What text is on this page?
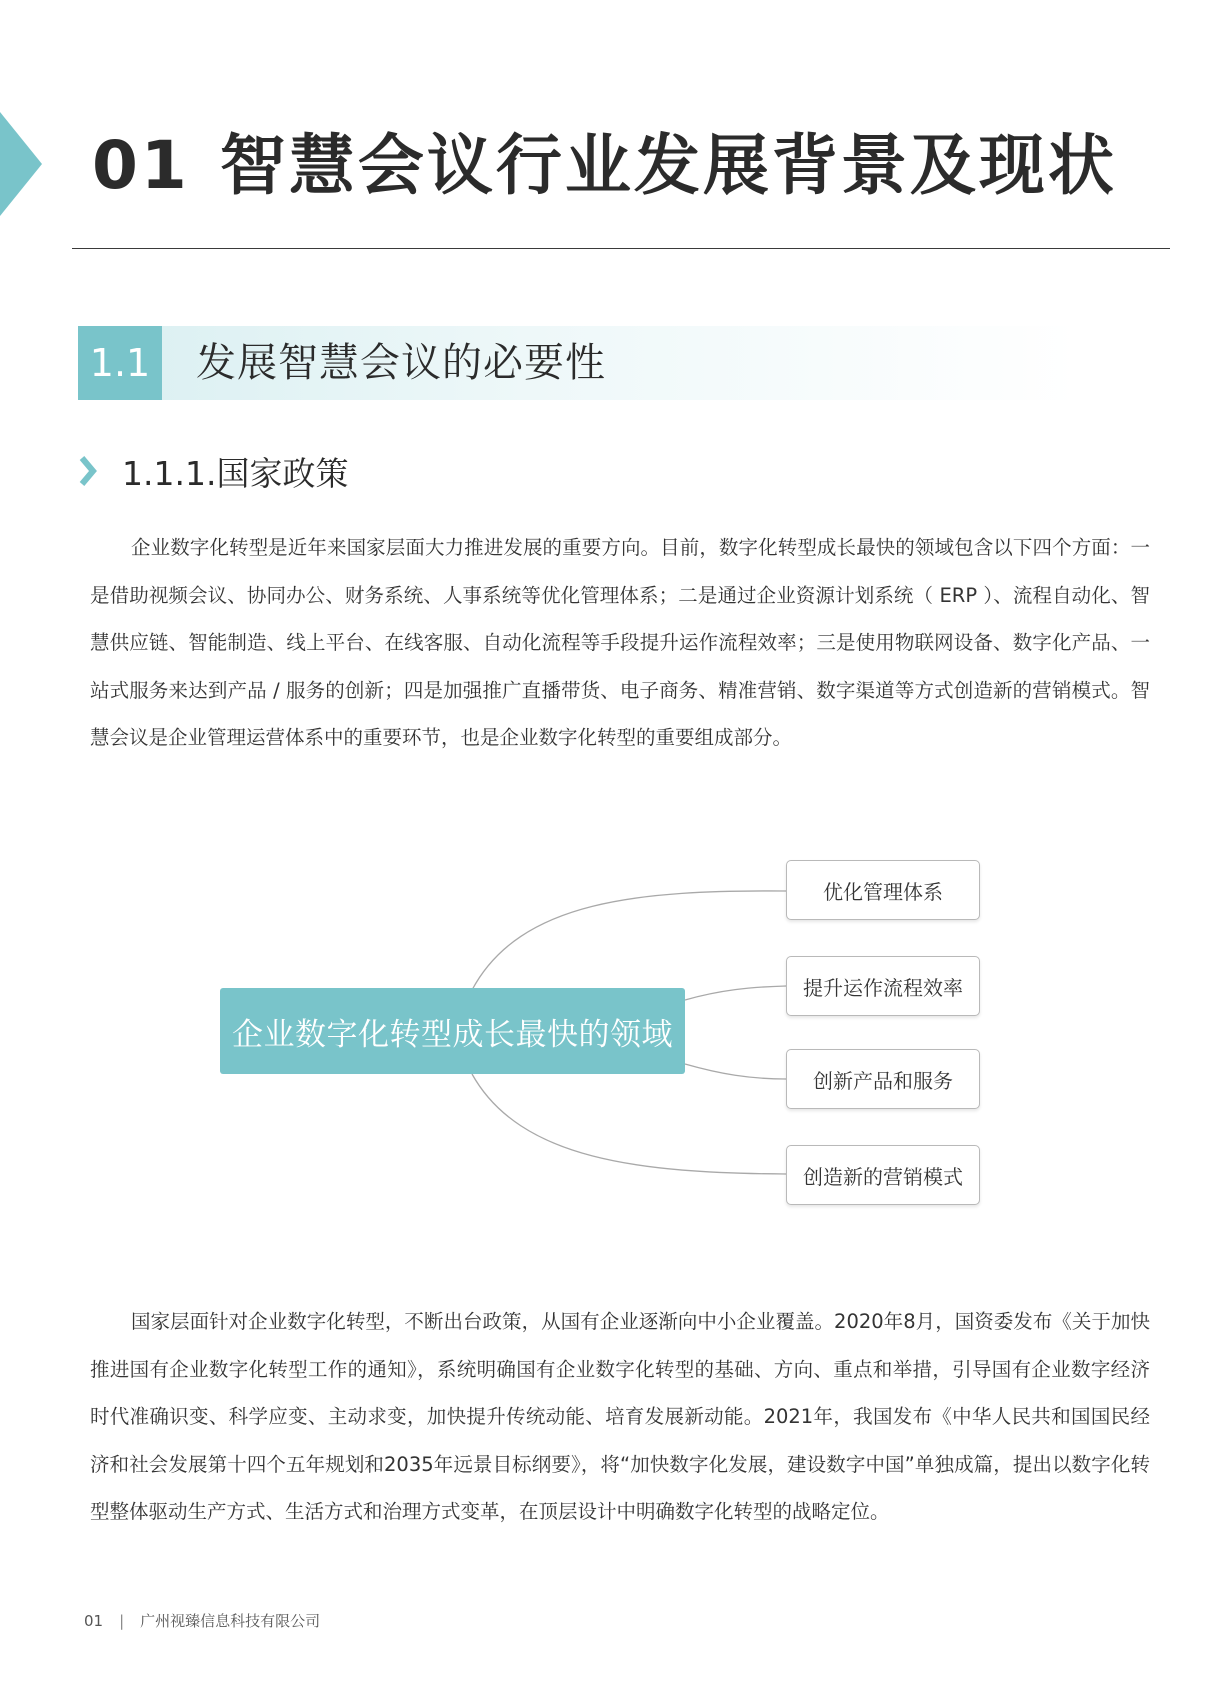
01 智慧会议行业发展背景及现状
1.1 发展智慧会议的必要性
1.1.1.国家政策

企业数字化转型是近年来国家层面大力推进发展的重要方向。目前，数字化转型成长最快的领域包含以下四个方面：一是借助视频会议、协同办公、财务系统、人事系统等优化管理体系；二是通过企业资源计划系统（ ERP ）、流程自动化、智慧供应链、智能制造、线上平台、在线客服、自动化流程等手段提升运作流程效率；三是使用物联网设备、数字化产品、一站式服务来达到产品 / 服务的创新；四是加强推广直播带货、电子商务、精准营销、数字渠道等方式创造新的营销模式。智慧会议是企业管理运营体系中的重要环节，也是企业数字化转型的重要组成部分。

企业数字化转型成长最快的领域
优化管理体系
提升运作流程效率
创新产品和服务
创造新的营销模式

国家层面针对企业数字化转型，不断出台政策，从国有企业逐渐向中小企业覆盖。2020年8月，国资委发布《关于加快推进国有企业数字化转型工作的通知》，系统明确国有企业数字化转型的基础、方向、重点和举措，引导国有企业数字经济时代准确识变、科学应变、主动求变，加快提升传统动能、培育发展新动能。2021年，我国发布《中华人民共和国国民经济和社会发展第十四个五年规划和2035年远景目标纲要》，将“加快数字化发展，建设数字中国”单独成篇，提出以数字化转型整体驱动生产方式、生活方式和治理方式变革，在顶层设计中明确数字化转型的战略定位。

01 | 广州视臻信息科技有限公司
